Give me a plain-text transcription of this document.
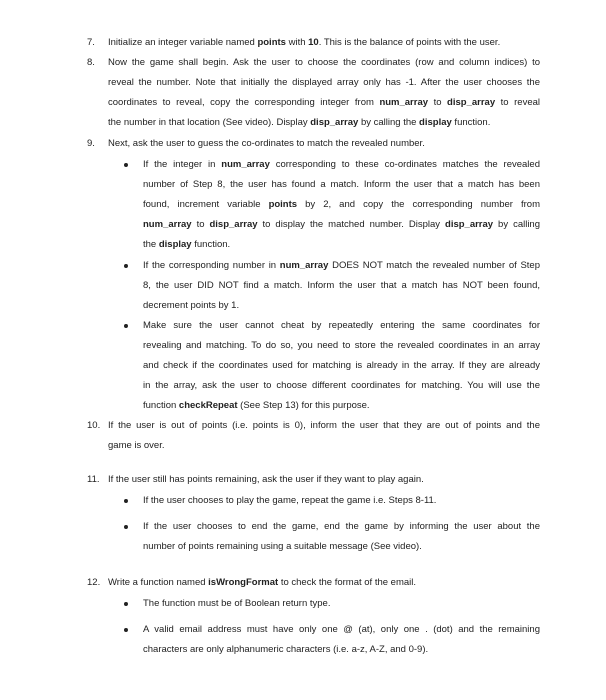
7. Initialize an integer variable named points with 10. This is the balance of points with the user.
8. Now the game shall begin. Ask the user to choose the coordinates (row and column indices) to
reveal the number. Note that initially the displayed array only has -1. After the user chooses the
coordinates to reveal, copy the corresponding integer from num_array to disp_array to reveal
the number in that location (See video). Display disp_array by calling the display function.
9. Next, ask the user to guess the co-ordinates to match the revealed number.
If the integer in num_array corresponding to these co-ordinates matches the revealed
number of Step 8, the user has found a match. Inform the user that a match has been
found, increment variable points by 2, and copy the corresponding number from
num_array to disp_array to display the matched number. Display disp_array by calling
the display function.
If the corresponding number in num_array DOES NOT match the revealed number of Step
8, the user DID NOT find a match. Inform the user that a match has NOT been found,
decrement points by 1.
Make sure the user cannot cheat by repeatedly entering the same coordinates for
revealing and matching. To do so, you need to store the revealed coordinates in an array
and check if the coordinates used for matching is already in the array. If they are already
in the array, ask the user to choose different coordinates for matching. You will use the
function checkRepeat (See Step 13) for this purpose.
10. If the user is out of points (i.e. points is 0), inform the user that they are out of points and the
game is over.
11. If the user still has points remaining, ask the user if they want to play again.
If the user chooses to play the game, repeat the game i.e. Steps 8-11.
If the user chooses to end the game, end the game by informing the user about the
number of points remaining using a suitable message (See video).
12. Write a function named isWrongFormat to check the format of the email.
The function must be of Boolean return type.
A valid email address must have only one @ (at), only one . (dot) and the remaining
characters are only alphanumeric characters (i.e. a-z, A-Z, and 0-9).
